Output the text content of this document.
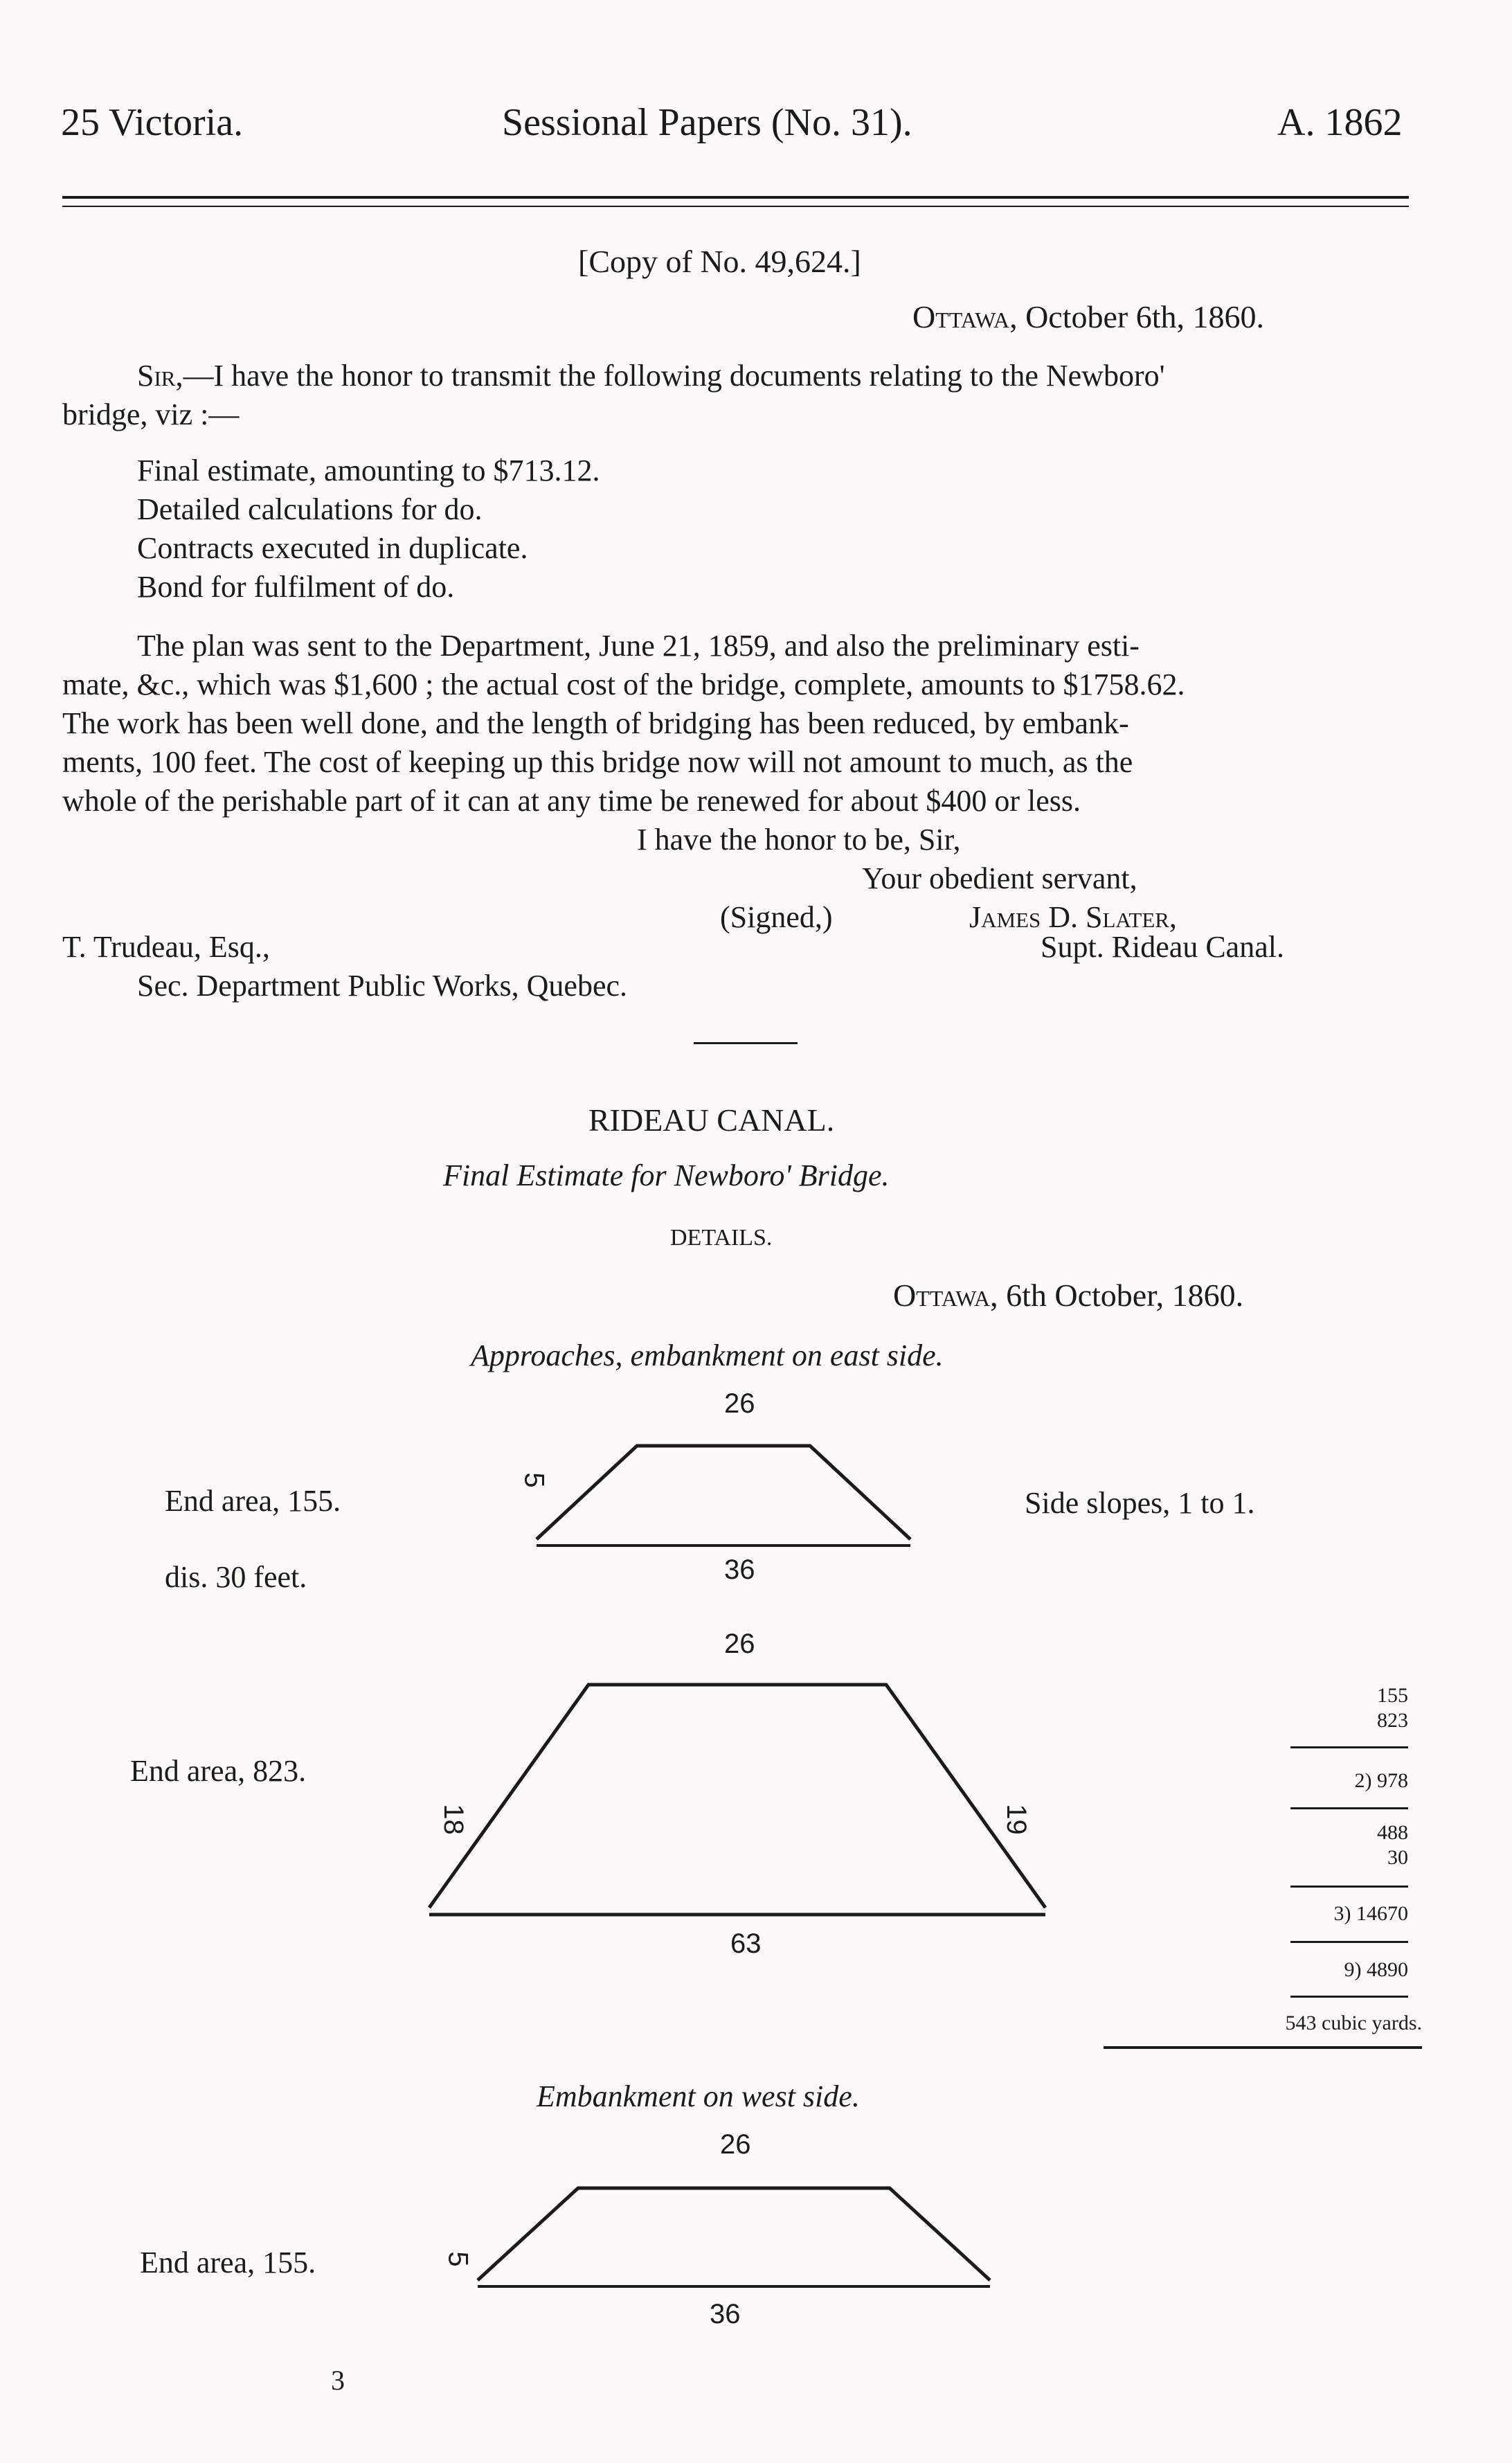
25 Victoria.	Sessional Papers (No. 31).	A. 1862
[Copy of No. 49,624.]
Ottawa, October 6th, 1860.
Sir,—I have the honor to transmit the following documents relating to the Newboro'
bridge, viz :—
Final estimate, amounting to $713.12.
Detailed calculations for do.
Contracts executed in duplicate.
Bond for fulfilment of do.
The plan was sent to the Department, June 21, 1859, and also the preliminary esti-
mate, &c., which was $1,600 ; the actual cost of the bridge, complete, amounts to $1758.62.
The work has been well done, and the length of bridging has been reduced, by embank-
ments, 100 feet. The cost of keeping up this bridge now will not amount to much, as the
whole of the perishable part of it can at any time be renewed for about $400 or less.
I have the honor to be, Sir,
Your obedient servant,
(Signed,)	James D. Slater,
T. Trudeau, Esq.,	Supt. Rideau Canal.
Sec. Department Public Works, Quebec.
RIDEAU CANAL.
Final Estimate for Newboro' Bridge.
DETAILS.
Ottawa, 6th October, 1860.
Approaches, embankment on east side.
26
5
36
End area, 155.
dis. 30 feet.
Side slopes, 1 to 1.
26
18	19
63
End area, 823.
155
823
2) 978
488
30
3) 14670
9) 4890
543 cubic yards.
Embankment on west side.
26
5
36
End area, 155.
3
